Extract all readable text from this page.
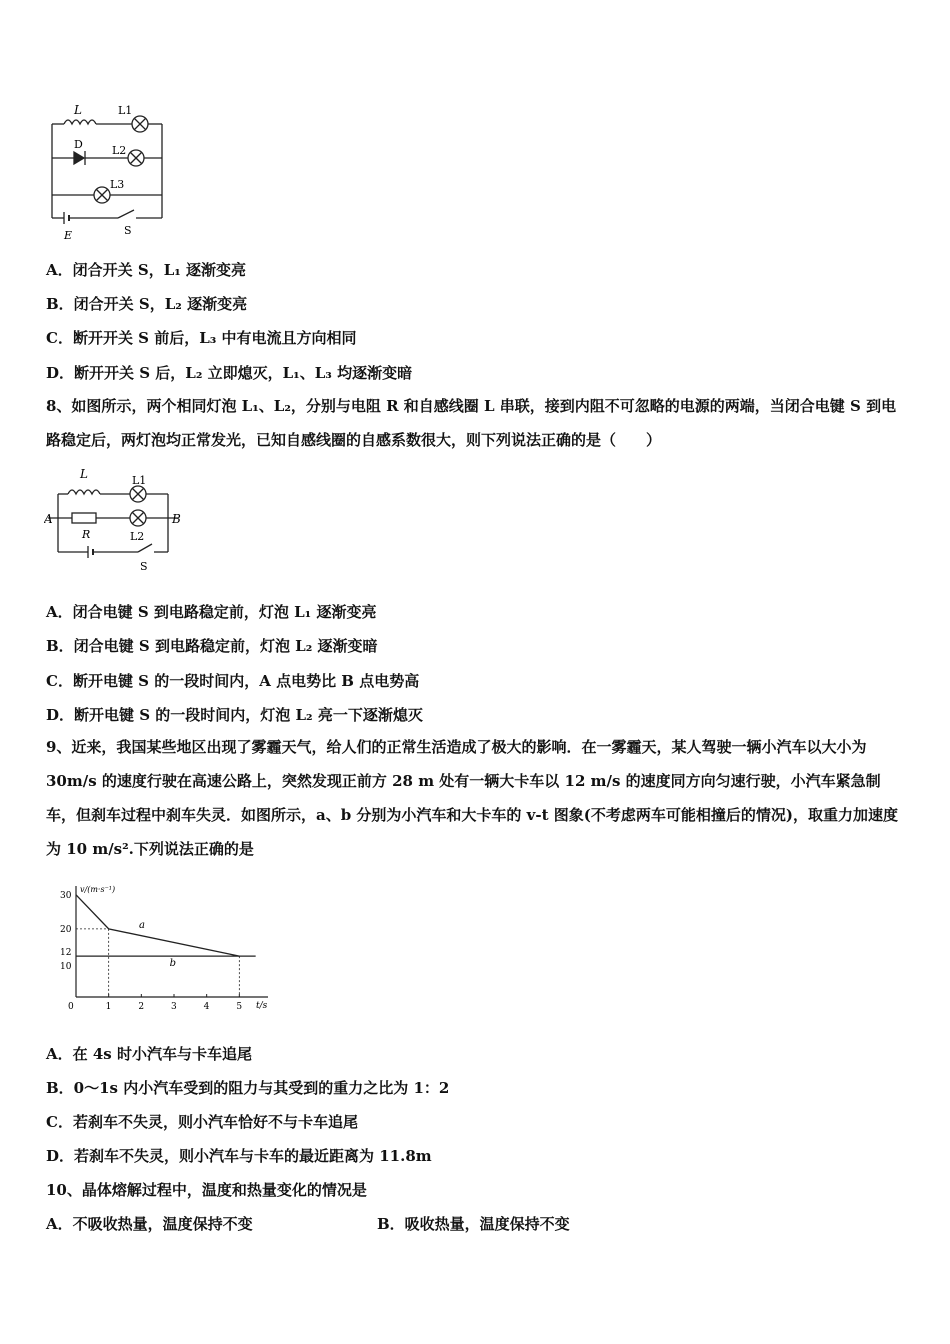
L	L1
D	L2
L3
E	S
A．闭合开关 S，L₁ 逐渐变亮
B．闭合开关 S，L₂ 逐渐变亮
C．断开开关 S 前后，L₃ 中有电流且方向相同
D．断开开关 S 后，L₂ 立即熄灭，L₁、L₃ 均逐渐变暗
8、如图所示，两个相同灯泡 L₁、L₂，分别与电阻 R 和自感线圈 L 串联，接到内阻不可忽略的电源的两端，当闭合电键 S 到电路稳定后，两灯泡均正常发光，已知自感线圈的自感系数很大，则下列说法正确的是（　　）
L	L1
A
R
B
L2
S
A．闭合电键 S 到电路稳定前，灯泡 L₁ 逐渐变亮
B．闭合电键 S 到电路稳定前，灯泡 L₂ 逐渐变暗
C．断开电键 S 的一段时间内，A 点电势比 B 点电势高
D．断开电键 S 的一段时间内，灯泡 L₂ 亮一下逐渐熄灭
9、近来，我国某些地区出现了雾霾天气，给人们的正常生活造成了极大的影响．在一雾霾天，某人驾驶一辆小汽车以大小为 30m/s 的速度行驶在高速公路上，突然发现正前方 28 m 处有一辆大卡车以 12 m/s 的速度同方向匀速行驶，小汽车紧急制车，但刹车过程中刹车失灵．如图所示，a、b 分别为小汽车和大卡车的 v-t 图象(不考虑两车可能相撞后的情况)，取重力加速度为 10 m/s².下列说法正确的是
v/(m·s⁻¹)
t/s
0	1	2	3	4	5
10
12
20
30
a
b
A．在 4s 时小汽车与卡车追尾
B．0～1s 内小汽车受到的阻力与其受到的重力之比为 1：2
C．若刹车不失灵，则小汽车恰好不与卡车追尾
D．若刹车不失灵，则小汽车与卡车的最近距离为 11.8m
10、晶体熔解过程中，温度和热量变化的情况是
A．不吸收热量，温度保持不变	B．吸收热量，温度保持不变
